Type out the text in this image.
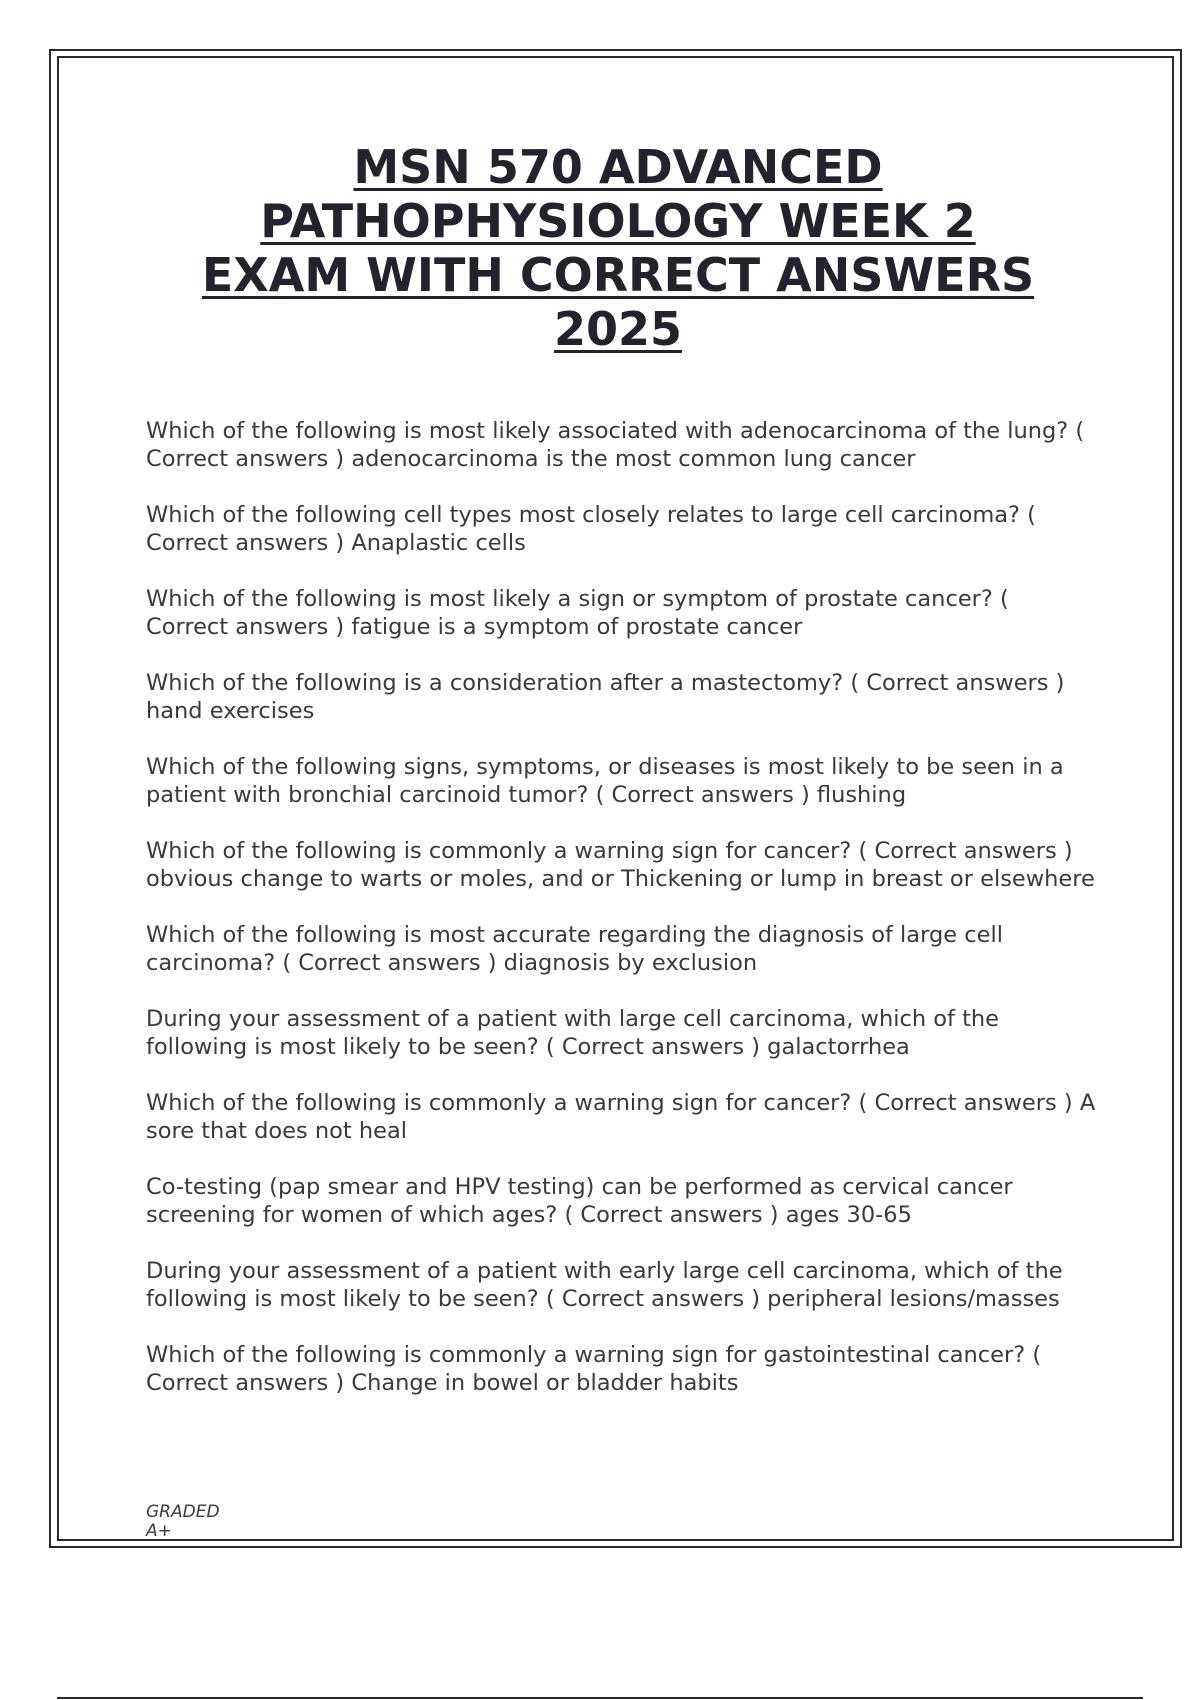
MSN 570 ADVANCED
PATHOPHYSIOLOGY WEEK 2
EXAM WITH CORRECT ANSWERS
2025

Which of the following is most likely associated with adenocarcinoma of the lung? ( Correct answers ) adenocarcinoma is the most common lung cancer

Which of the following cell types most closely relates to large cell carcinoma? ( Correct answers ) Anaplastic cells

Which of the following is most likely a sign or symptom of prostate cancer? ( Correct answers ) fatigue is a symptom of prostate cancer

Which of the following is a consideration after a mastectomy? ( Correct answers ) hand exercises

Which of the following signs, symptoms, or diseases is most likely to be seen in a patient with bronchial carcinoid tumor? ( Correct answers ) flushing

Which of the following is commonly a warning sign for cancer? ( Correct answers ) obvious change to warts or moles, and or Thickening or lump in breast or elsewhere

Which of the following is most accurate regarding the diagnosis of large cell carcinoma? ( Correct answers ) diagnosis by exclusion

During your assessment of a patient with large cell carcinoma, which of the following is most likely to be seen? ( Correct answers ) galactorrhea

Which of the following is commonly a warning sign for cancer? ( Correct answers ) A sore that does not heal

Co-testing (pap smear and HPV testing) can be performed as cervical cancer screening for women of which ages? ( Correct answers ) ages 30-65

During your assessment of a patient with early large cell carcinoma, which of the following is most likely to be seen? ( Correct answers ) peripheral lesions/masses

Which of the following is commonly a warning sign for gastointestinal cancer? ( Correct answers ) Change in bowel or bladder habits

GRADED
A+
